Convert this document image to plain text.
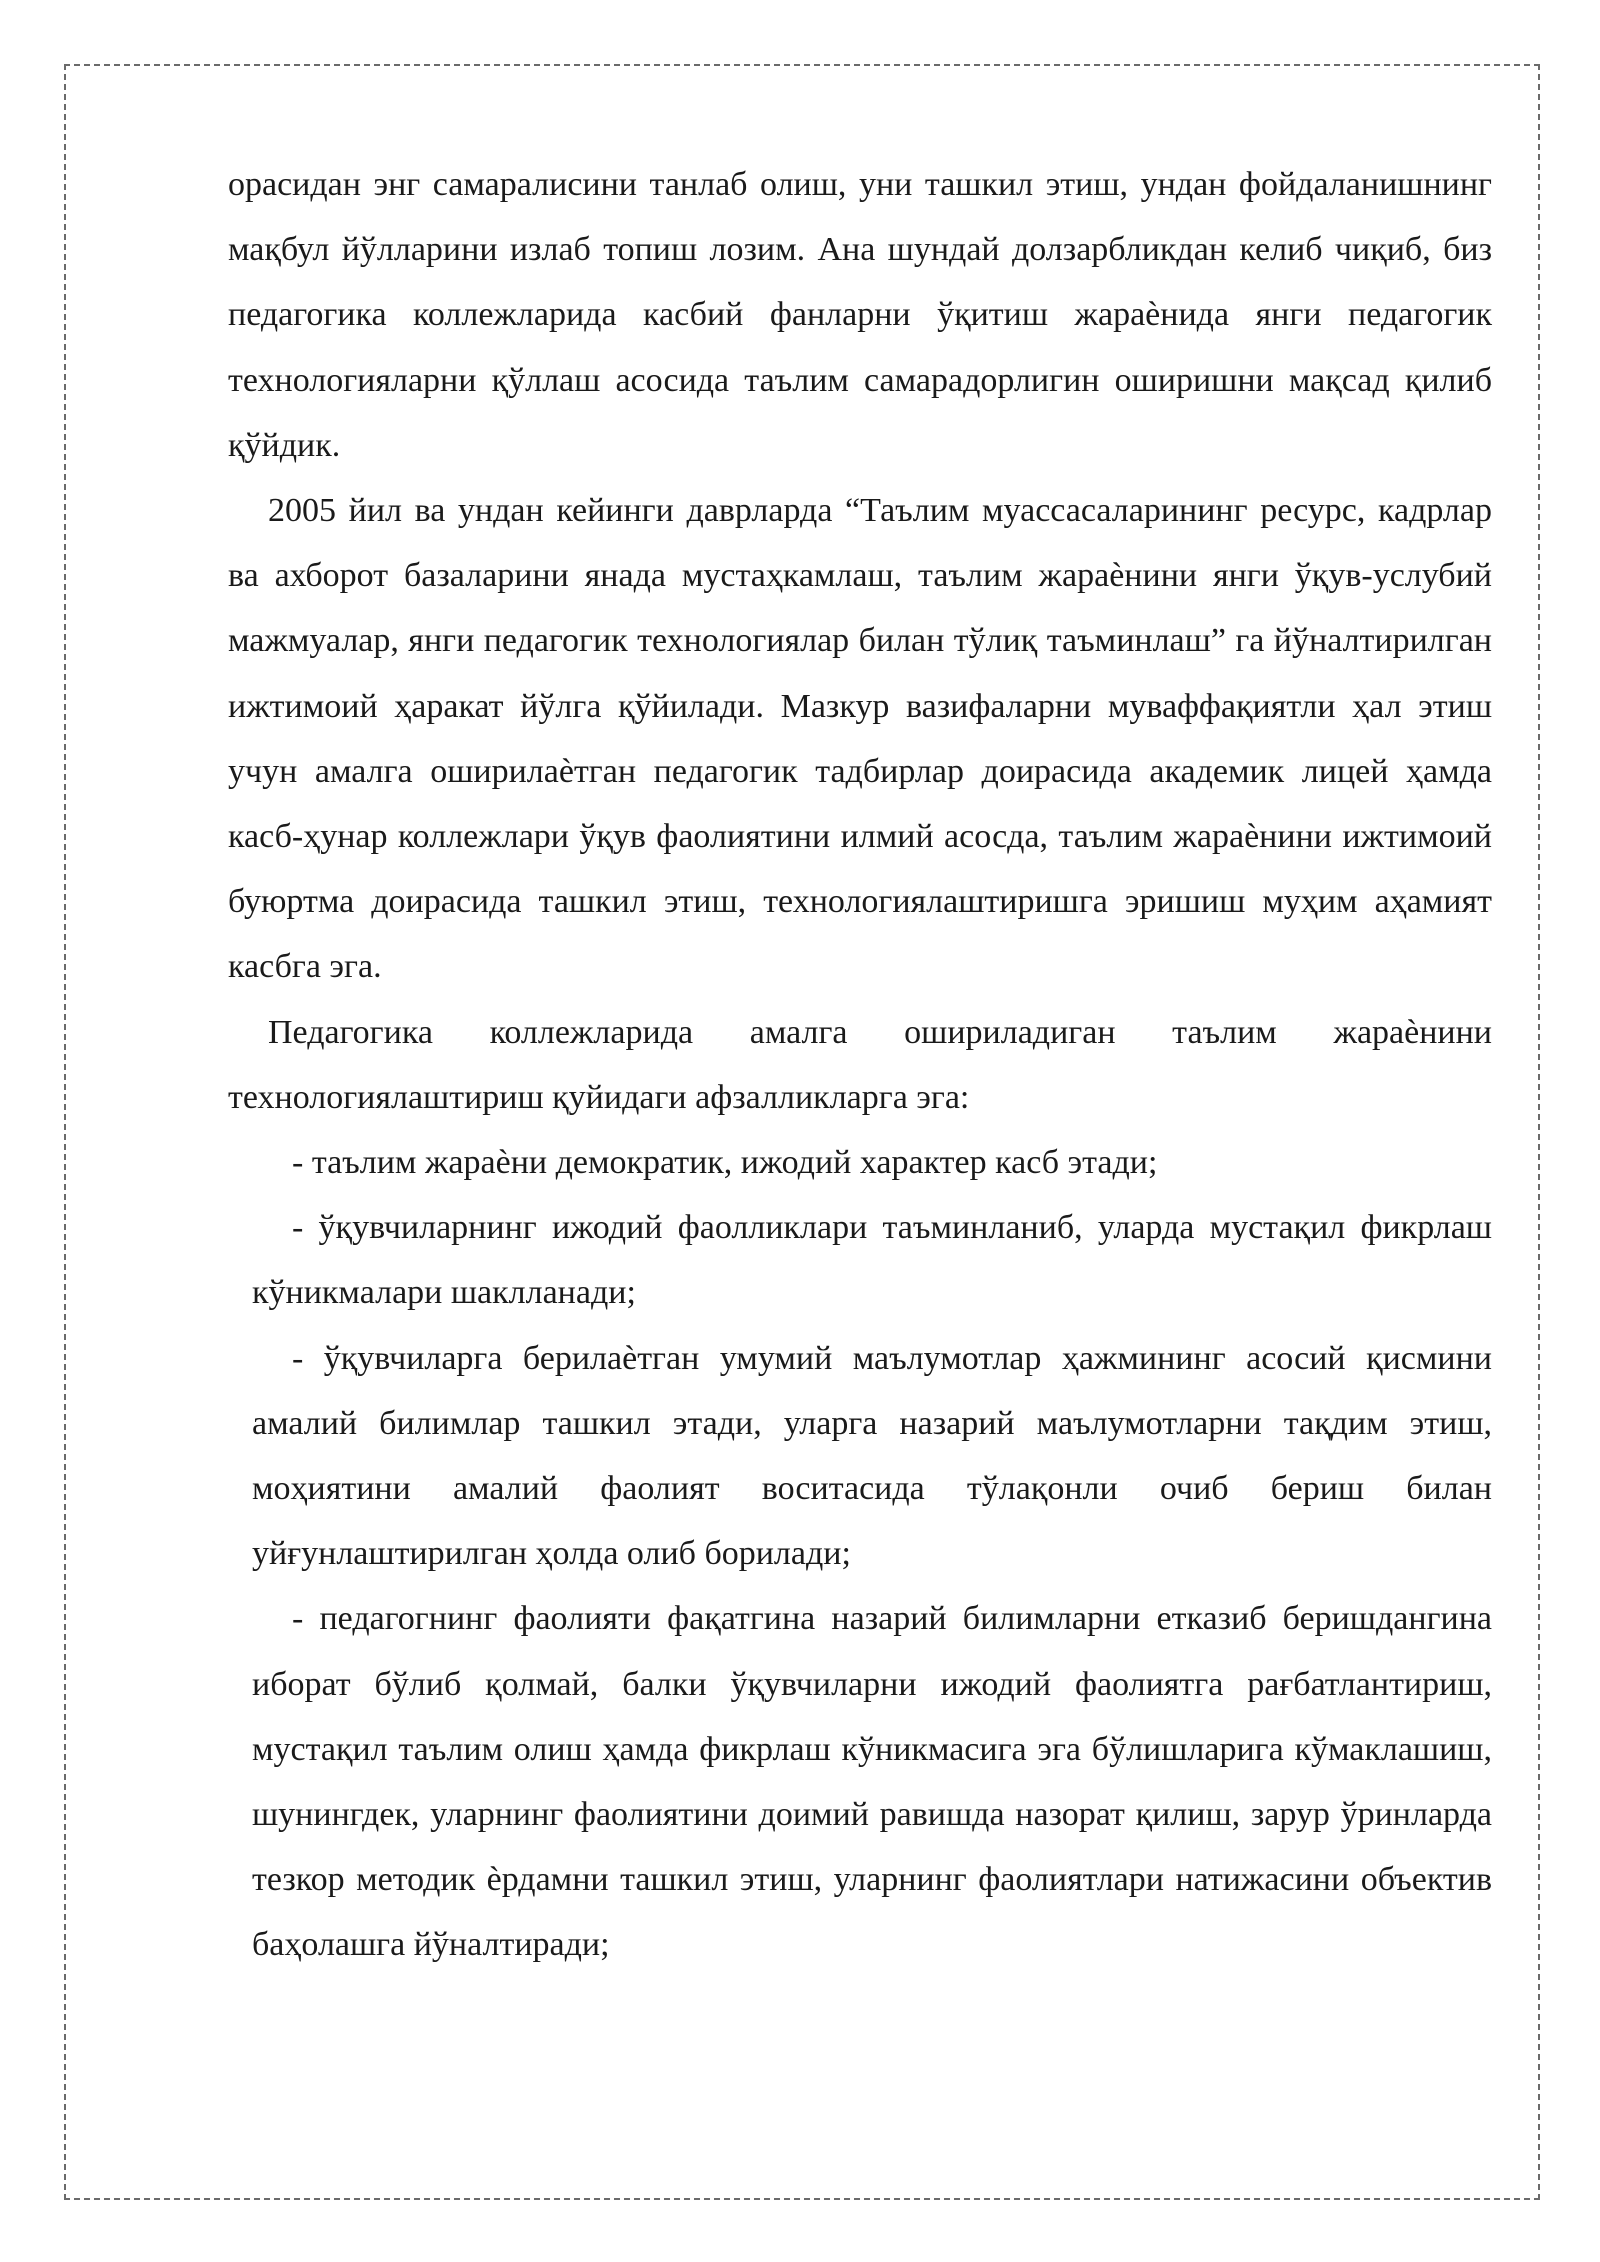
орасидан энг самаралисини танлаб олиш, уни ташкил этиш, ундан фойдаланишнинг мақбул йўлларини излаб топиш лозим. Ана шундай долзарбликдан келиб чиқиб, биз педагогика коллежларида касбий фанларни ўқитиш жараѐнида янги педагогик технологияларни қўллаш асосида таълим самарадорлигин оширишни мақсад қилиб қўйдик.

2005 йил ва ундан кейинги даврларда “Таълим муассасаларининг ресурс, кадрлар ва ахборот базаларини янада мустаҳкамлаш, таълим жараѐнини янги ўқув-услубий мажмуалар, янги педагогик технологиялар билан тўлиқ таъминлаш” га йўналтирилган ижтимоий ҳаракат йўлга қўйилади. Мазкур вазифаларни муваффақиятли ҳал этиш учун амалга оширилаѐтган педагогик тадбирлар доирасида академик лицей ҳамда касб-ҳунар коллежлари ўқув фаолиятини илмий асосда, таълим жараѐнини ижтимоий буюртма доирасида ташкил этиш, технологиялаштиришга эришиш муҳим аҳамият касбга эга.

Педагогика коллежларида амалга ошириладиган таълим жараѐнини технологиялаштириш қуйидаги афзалликларга эга:

- таълим жараѐни демократик, ижодий характер касб этади;

- ўқувчиларнинг ижодий фаолликлари таъминланиб, уларда мустақил фикрлаш кўникмалари шаклланади;

- ўқувчиларга берилаѐтган умумий маълумотлар ҳажмининг асосий қисмини амалий билимлар ташкил этади, уларга назарий маълумотларни тақдим этиш, моҳиятини амалий фаолият воситасида тўлақонли очиб бериш билан уйғунлаштирилган ҳолда олиб борилади;

- педагогнинг фаолияти фақатгина назарий билимларни етказиб беришдангина иборат бўлиб қолмай, балки ўқувчиларни ижодий фаолиятга рағбатлантириш, мустақил таълим олиш ҳамда фикрлаш кўникмасига эга бўлишларига кўмаклашиш, шунингдек, уларнинг фаолиятини доимий равишда назорат қилиш, зарур ўринларда тезкор методик ѐрдамни ташкил этиш, уларнинг фаолиятлари натижасини объектив баҳолашга йўналтиради;
